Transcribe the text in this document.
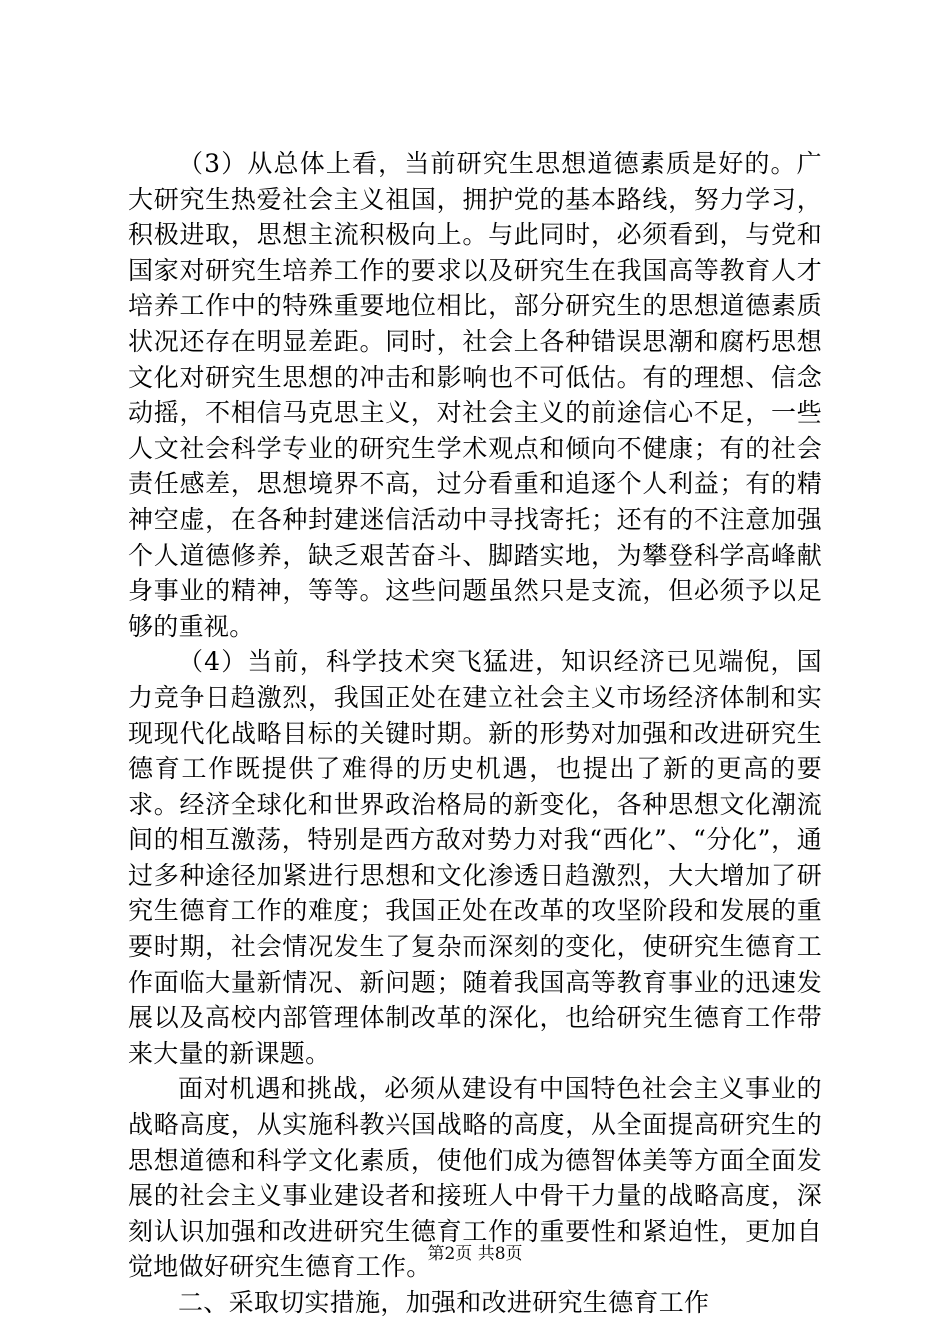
（3）从总体上看，当前研究生思想道德素质是好的。广大研究生热爱社会主义祖国，拥护党的基本路线，努力学习，积极进取，思想主流积极向上。与此同时，必须看到，与党和国家对研究生培养工作的要求以及研究生在我国高等教育人才培养工作中的特殊重要地位相比，部分研究生的思想道德素质状况还存在明显差距。同时，社会上各种错误思潮和腐朽思想文化对研究生思想的冲击和影响也不可低估。有的理想、信念动摇，不相信马克思主义，对社会主义的前途信心不足，一些人文社会科学专业的研究生学术观点和倾向不健康；有的社会责任感差，思想境界不高，过分看重和追逐个人利益；有的精神空虚，在各种封建迷信活动中寻找寄托；还有的不注意加强个人道德修养，缺乏艰苦奋斗、脚踏实地，为攀登科学高峰献身事业的精神，等等。这些问题虽然只是支流，但必须予以足够的重视。

（4）当前，科学技术突飞猛进，知识经济已见端倪，国力竞争日趋激烈，我国正处在建立社会主义市场经济体制和实现现代化战略目标的关键时期。新的形势对加强和改进研究生德育工作既提供了难得的历史机遇，也提出了新的更高的要求。经济全球化和世界政治格局的新变化，各种思想文化潮流间的相互激荡，特别是西方敌对势力对我“西化”、“分化”，通过多种途径加紧进行思想和文化渗透日趋激烈，大大增加了研究生德育工作的难度；我国正处在改革的攻坚阶段和发展的重要时期，社会情况发生了复杂而深刻的变化，使研究生德育工作面临大量新情况、新问题；随着我国高等教育事业的迅速发展以及高校内部管理体制改革的深化，也给研究生德育工作带来大量的新课题。

面对机遇和挑战，必须从建设有中国特色社会主义事业的战略高度，从实施科教兴国战略的高度，从全面提高研究生的思想道德和科学文化素质，使他们成为德智体美等方面全面发展的社会主义事业建设者和接班人中骨干力量的战略高度，深刻认识加强和改进研究生德育工作的重要性和紧迫性，更加自觉地做好研究生德育工作。

二、采取切实措施，加强和改进研究生德育工作

第2页 共8页
